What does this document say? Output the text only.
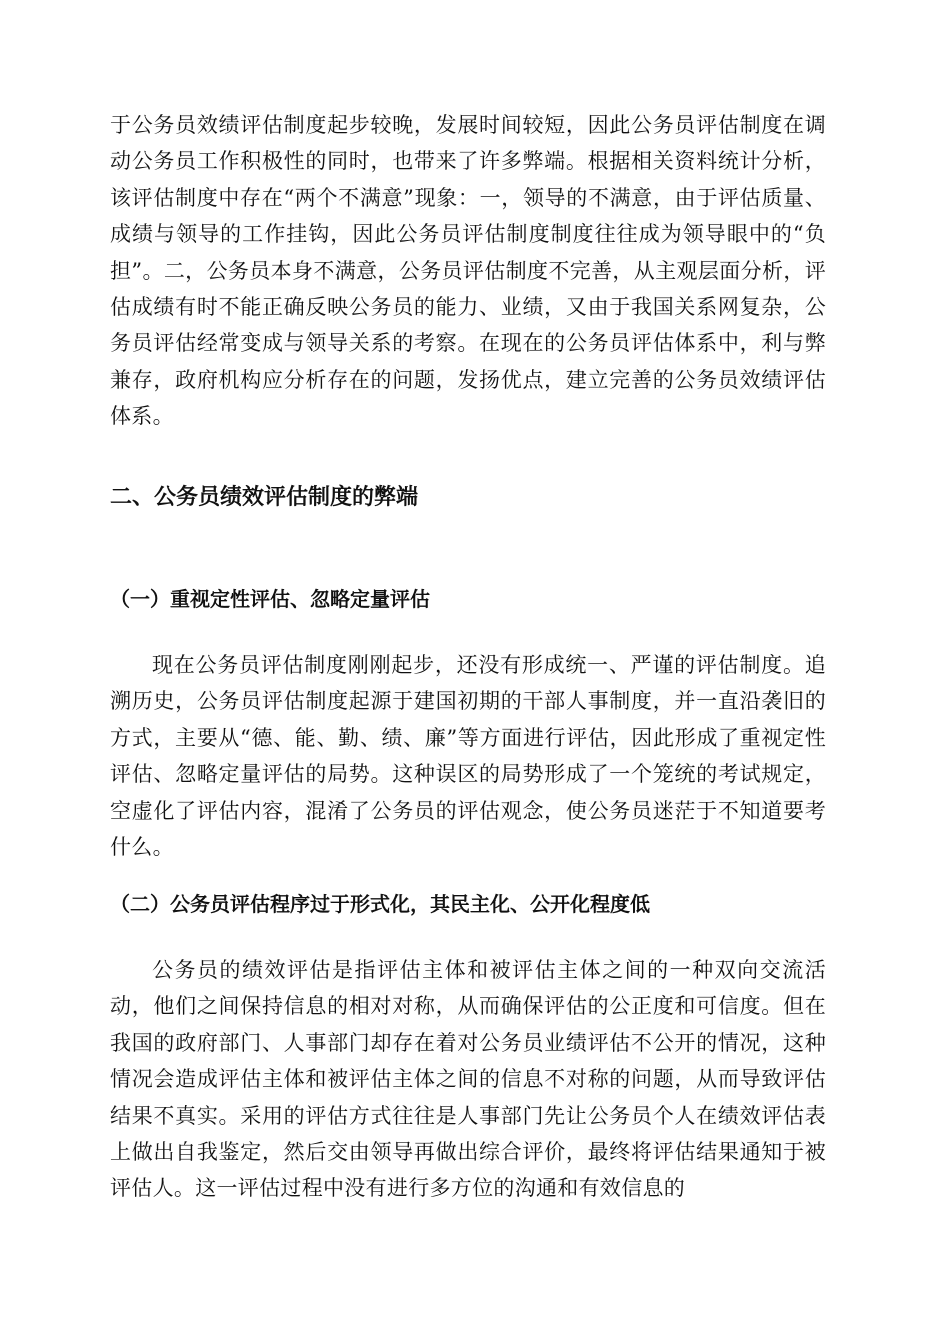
于公务员效绩评估制度起步较晚，发展时间较短，因此公务员评估制度在调动公务员工作积极性的同时，也带来了许多弊端。根据相关资料统计分析，该评估制度中存在“两个不满意”现象：一，领导的不满意，由于评估质量、成绩与领导的工作挂钩，因此公务员评估制度制度往往成为领导眼中的“负担”。二，公务员本身不满意，公务员评估制度不完善，从主观层面分析，评估成绩有时不能正确反映公务员的能力、业绩，又由于我国关系网复杂，公务员评估经常变成与领导关系的考察。在现在的公务员评估体系中，利与弊兼存，政府机构应分析存在的问题，发扬优点，建立完善的公务员效绩评估体系。

二、公务员绩效评估制度的弊端
（一）重视定性评估、忽略定量评估

现在公务员评估制度刚刚起步，还没有形成统一、严谨的评估制度。追溯历史，公务员评估制度起源于建国初期的干部人事制度，并一直沿袭旧的方式，主要从“德、能、勤、绩、廉”等方面进行评估，因此形成了重视定性评估、忽略定量评估的局势。这种误区的局势形成了一个笼统的考试规定，空虚化了评估内容，混淆了公务员的评估观念，使公务员迷茫于不知道要考什么。

（二）公务员评估程序过于形式化，其民主化、公开化程度低

公务员的绩效评估是指评估主体和被评估主体之间的一种双向交流活动，他们之间保持信息的相对对称，从而确保评估的公正度和可信度。但在我国的政府部门、人事部门却存在着对公务员业绩评估不公开的情况，这种情况会造成评估主体和被评估主体之间的信息不对称的问题，从而导致评估结果不真实。采用的评估方式往往是人事部门先让公务员个人在绩效评估表上做出自我鉴定，然后交由领导再做出综合评价，最终将评估结果通知于被评估人。这一评估过程中没有进行多方位的沟通和有效信息的
